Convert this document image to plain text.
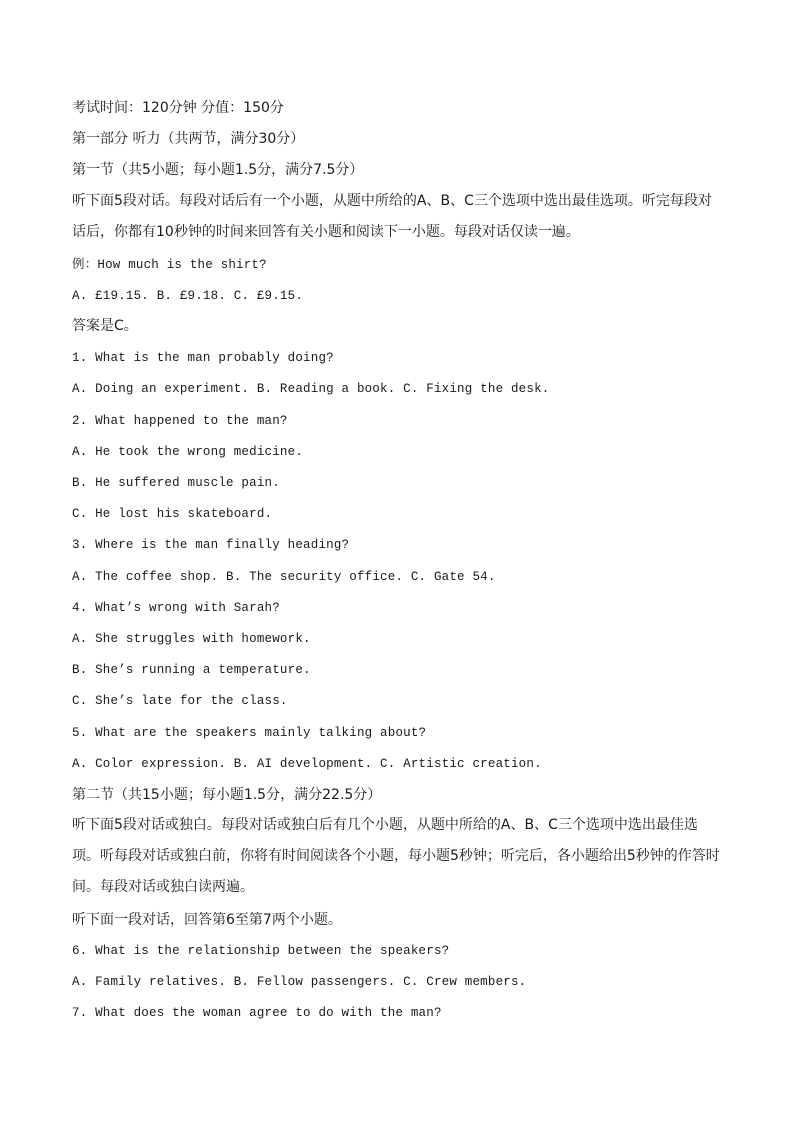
考试时间：120分钟 分值：150分
第一部分 听力（共两节，满分30分）
第一节（共5小题；每小题1.5分，满分7.5分）
听下面5段对话。每段对话后有一个小题，从题中所给的A、B、C三个选项中选出最佳选项。听完每段对话后，你都有10秒钟的时间来回答有关小题和阅读下一小题。每段对话仅读一遍。
例：How much is the shirt?
A. £19.15. B. £9.18. C. £9.15.
答案是C。
1. What is the man probably doing?
A. Doing an experiment. B. Reading a book. C. Fixing the desk.
2. What happened to the man?
A. He took the wrong medicine.
B. He suffered muscle pain.
C. He lost his skateboard.
3. Where is the man finally heading?
A. The coffee shop. B. The security office. C. Gate 54.
4. What’s wrong with Sarah?
A. She struggles with homework.
B. She’s running a temperature.
C. She’s late for the class.
5. What are the speakers mainly talking about?
A. Color expression. B. AI development. C. Artistic creation.
第二节（共15小题；每小题1.5分，满分22.5分）
听下面5段对话或独白。每段对话或独白后有几个小题，从题中所给的A、B、C三个选项中选出最佳选项。听每段对话或独白前，你将有时间阅读各个小题，每小题5秒钟；听完后，各小题给出5秒钟的作答时间。每段对话或独白读两遍。
听下面一段对话，回答第6至第7两个小题。
6. What is the relationship between the speakers?
A. Family relatives. B. Fellow passengers. C. Crew members.
7. What does the woman agree to do with the man?
